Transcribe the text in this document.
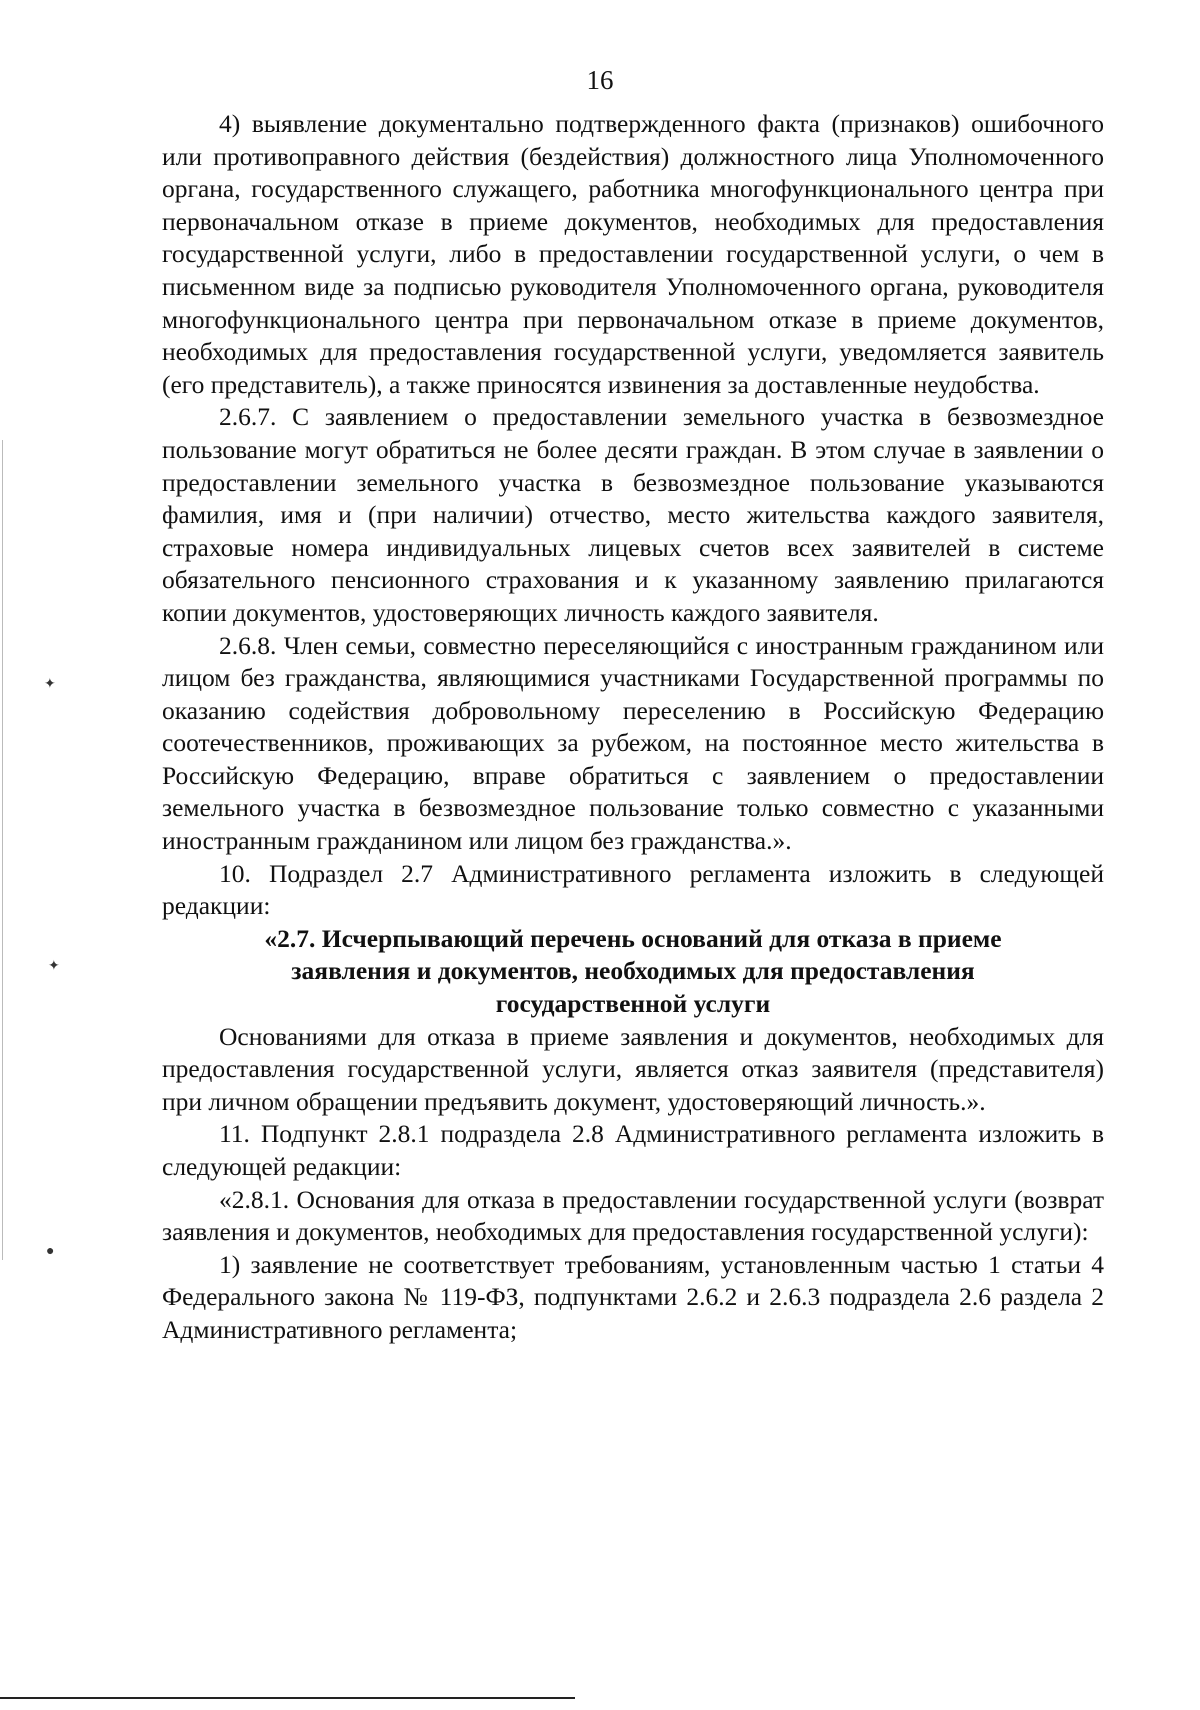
16

4) выявление документально подтвержденного факта (признаков) ошибочного или противоправного действия (бездействия) должностного лица Уполномоченного органа, государственного служащего, работника многофункционального центра при первоначальном отказе в приеме документов, необходимых для предоставления государственной услуги, либо в предоставлении государственной услуги, о чем в письменном виде за подписью руководителя Уполномоченного органа, руководителя многофункционального центра при первоначальном отказе в приеме документов, необходимых для предоставления государственной услуги, уведомляется заявитель (его представитель), а также приносятся извинения за доставленные неудобства.

2.6.7. С заявлением о предоставлении земельного участка в безвозмездное пользование могут обратиться не более десяти граждан. В этом случае в заявлении о предоставлении земельного участка в безвозмездное пользование указываются фамилия, имя и (при наличии) отчество, место жительства каждого заявителя, страховые номера индивидуальных лицевых счетов всех заявителей в системе обязательного пенсионного страхования и к указанному заявлению прилагаются копии документов, удостоверяющих личность каждого заявителя.

2.6.8. Член семьи, совместно переселяющийся с иностранным гражданином или лицом без гражданства, являющимися участниками Государственной программы по оказанию содействия добровольному переселению в Российскую Федерацию соотечественников, проживающих за рубежом, на постоянное место жительства в Российскую Федерацию, вправе обратиться с заявлением о предоставлении земельного участка в безвозмездное пользование только совместно с указанными иностранным гражданином или лицом без гражданства.».

10. Подраздел 2.7 Административного регламента изложить в следующей редакции:

«2.7. Исчерпывающий перечень оснований для отказа в приеме заявления и документов, необходимых для предоставления государственной услуги

Основаниями для отказа в приеме заявления и документов, необходимых для предоставления государственной услуги, является отказ заявителя (представителя) при личном обращении предъявить документ, удостоверяющий личность.».

11. Подпункт 2.8.1 подраздела 2.8 Административного регламента изложить в следующей редакции:

«2.8.1. Основания для отказа в предоставлении государственной услуги (возврат заявления и документов, необходимых для предоставления государственной услуги):

1) заявление не соответствует требованиям, установленным частью 1 статьи 4 Федерального закона № 119-ФЗ, подпунктами 2.6.2 и 2.6.3 подраздела 2.6 раздела 2 Административного регламента;

✦
✦
●
